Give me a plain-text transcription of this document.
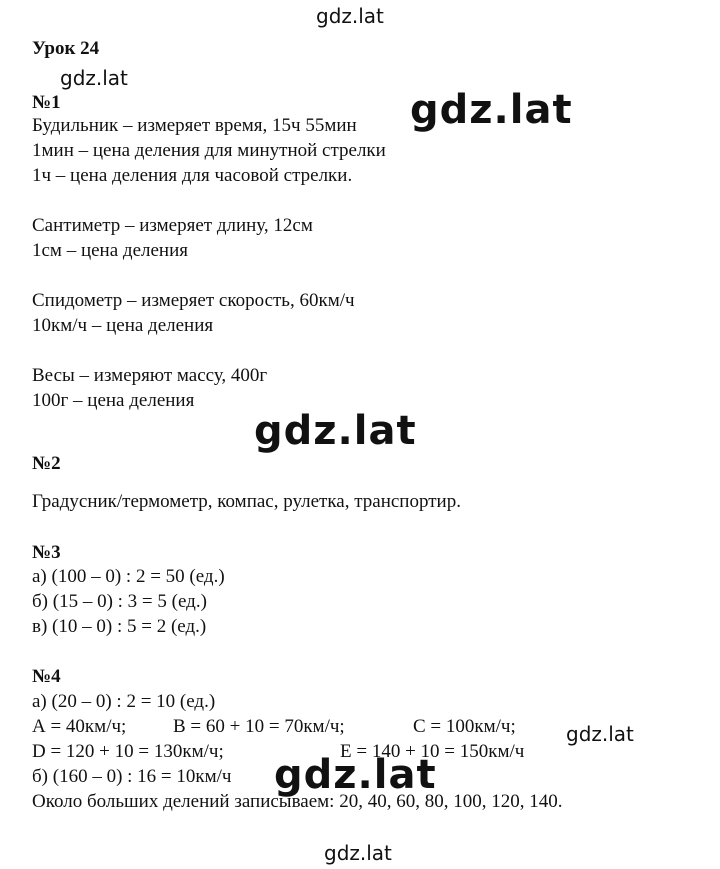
gdz.lat
gdz.lat
gdz.lat
gdz.lat
gdz.lat
gdz.lat
gdz.lat
Урок 24
№1
Будильник – измеряет время, 15ч 55мин
1мин – цена деления для минутной стрелки
1ч – цена деления для часовой стрелки.
Сантиметр – измеряет длину, 12см
1см – цена деления
Спидометр – измеряет скорость, 60км/ч
10км/ч – цена деления
Весы – измеряют массу, 400г
100г – цена деления
№2
Градусник/термометр, компас, рулетка, транспортир.
№3
а) (100 – 0) : 2 = 50 (ед.)
б) (15 – 0) : 3 = 5 (ед.)
в) (10 – 0) : 5 = 2 (ед.)
№4
а) (20 – 0) : 2 = 10 (ед.)
А = 40км/ч; В = 60 + 10 = 70км/ч;	С = 100км/ч;
D = 120 + 10 = 130км/ч;	Е = 140 + 10 = 150км/ч
б) (160 – 0) : 16 = 10км/ч
Около больших делений записываем: 20, 40, 60, 80, 100, 120, 140.
